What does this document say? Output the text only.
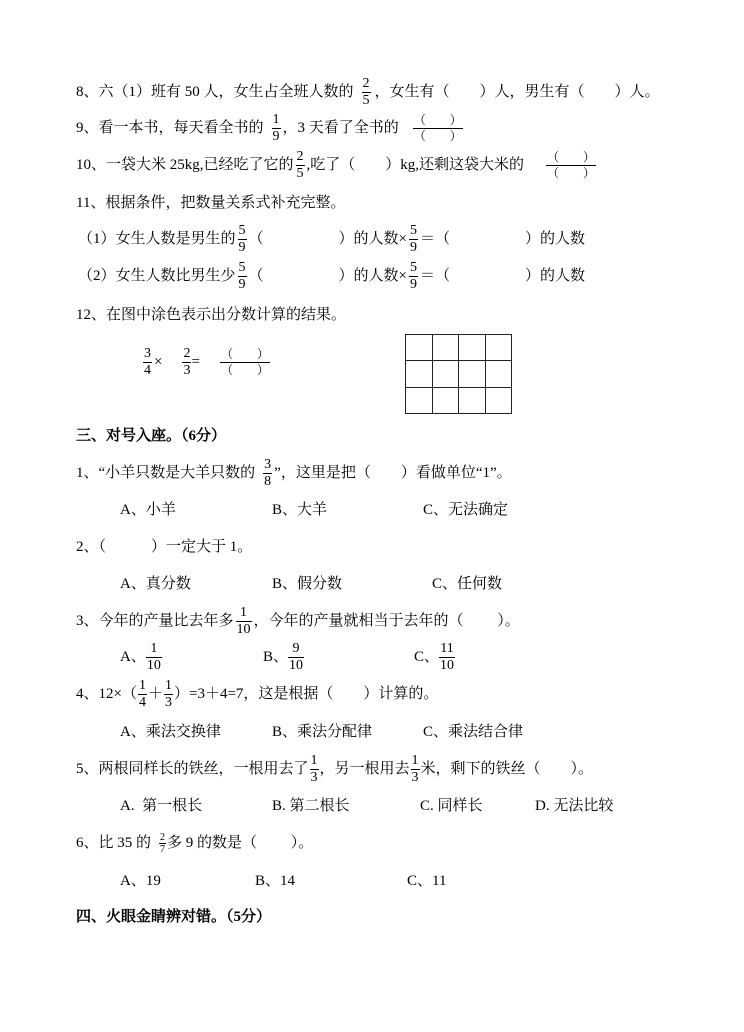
8、六（1）班有 50 人，女生占全班人数的 $\frac{2}{5}$ ，女生有（　　）人，男生有（　　）人。
9、看一本书，每天看全书的 $\frac{1}{9}$ ，3 天看了全书的 $\frac{( )}{( )}$
10、一袋大米 25kg,已经吃了它的 $\frac{2}{5}$ ,吃了（　　）kg,还剩这袋大米的 $\frac{( )}{( )}$
11、根据条件，把数量关系式补充完整。
（1）女生人数是男生的 $\frac{5}{9}$ （　　　　　）的人数× $\frac{5}{9}$ ＝（　　　　　）的人数
（2）女生人数比男生少 $\frac{5}{9}$ （　　　　　）的人数× $\frac{5}{9}$ ＝（　　　　　）的人数
12、在图中涂色表示出分数计算的结果。
$\frac{3}{4} \times \frac{2}{3} = \frac{( )}{( )}$
三、对号入座。（6分）
1、“小羊只数是大羊只数的 $\frac{3}{8}$ ”，这里是把（　　）看做单位“1”。
A、小羊	B、大羊	C、无法确定
2、（　　　）一定大于 1。
A、真分数	B、假分数	C、任何数
3、今年的产量比去年多 $\frac{1}{10}$ ，今年的产量就相当于去年的（　　 ）。
A、 $\frac{1}{10}$	B、 $\frac{9}{10}$	C、 $\frac{11}{10}$
4、$12\times( \frac{1}{4} + \frac{1}{3} )=3+4=7$，这是根据（　　）计算的。
A、乘法交换律	B、乘法分配律	C、乘法结合律
5、两根同样长的铁丝，一根用去了 $\frac{1}{3}$ ，另一根用去 $\frac{1}{3}$ 米，剩下的铁丝（　　）。
A.  第一根长	B. 第二根长	C. 同样长	D. 无法比较
6、比 35 的 $\frac{2}{7}$ 多 9 的数是（　　 ）。
A、19	B、14	C、11
四、火眼金睛辨对错。（5分）
